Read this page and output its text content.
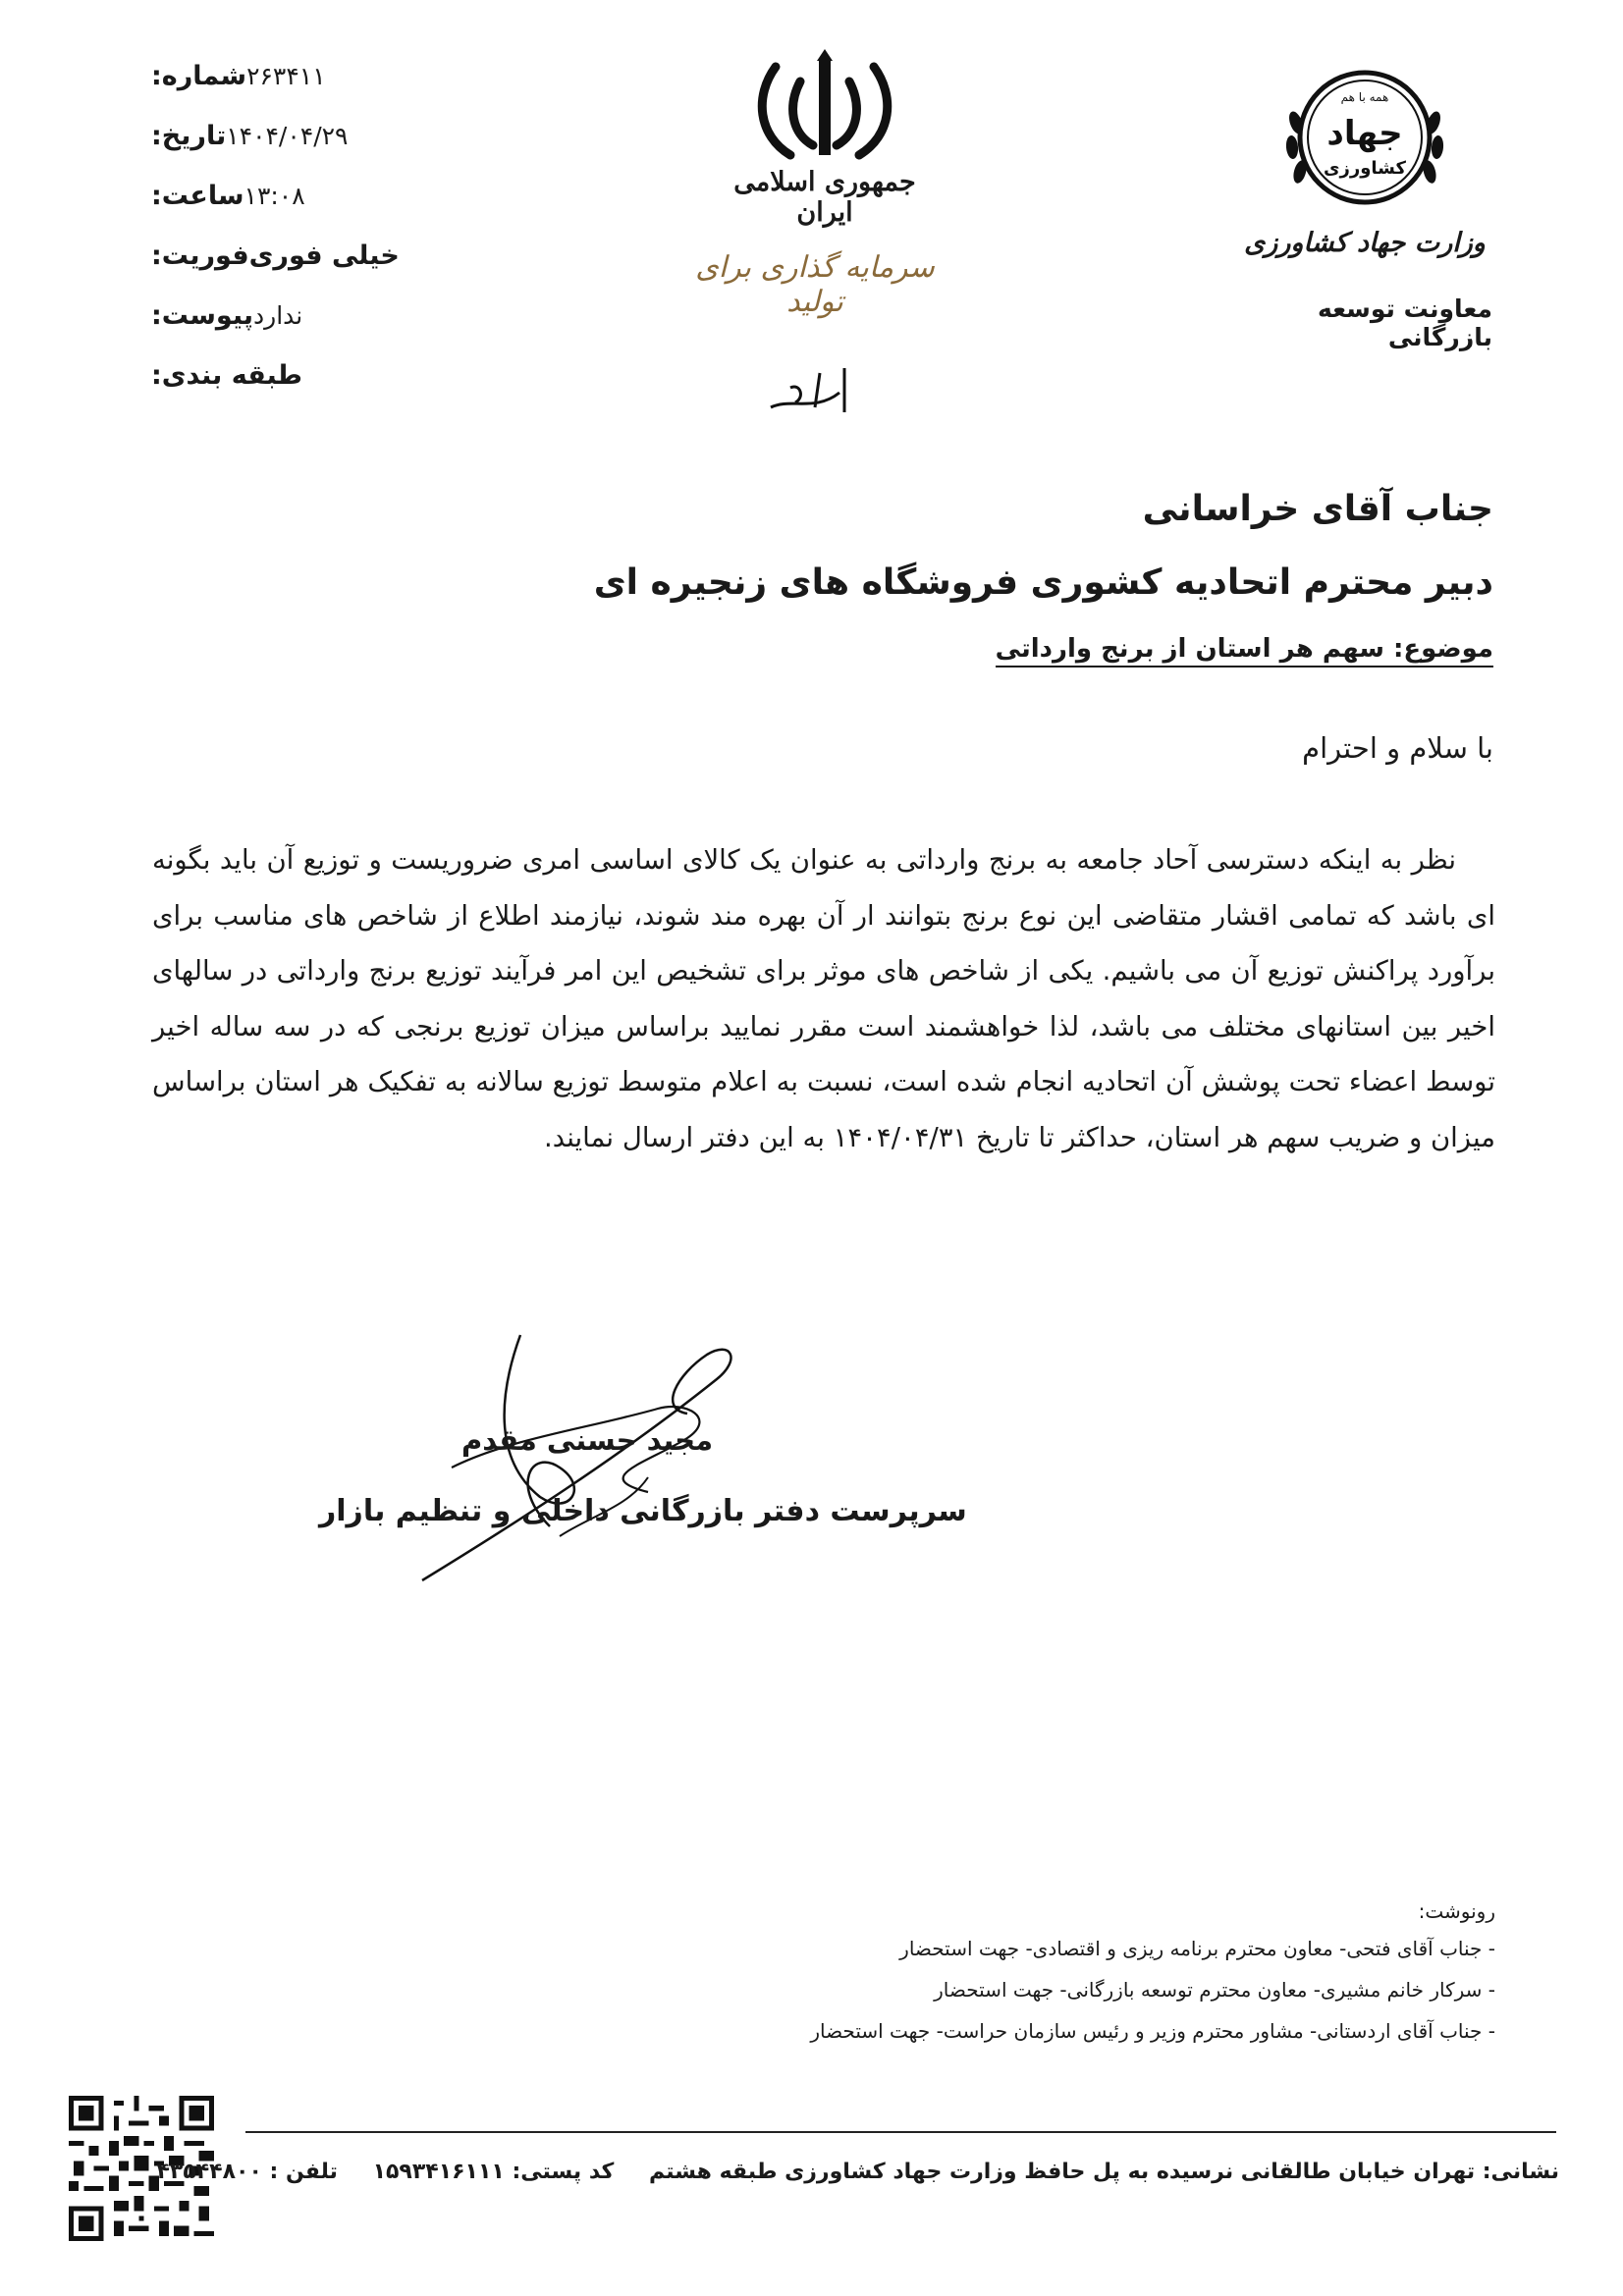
شماره: ۲۶۳۴۱۱
تاریخ: ۱۴۰۴/۰۴/۲۹
ساعت: ۱۳:۰۸
فوریت: خیلی فوری
پیوست: ندارد
طبقه بندی:
جمهوری اسلامی ایران
سرمایه گذاری برای تولید
همه با هم
جهاد
کشاورزی
وزارت جهاد کشاورزی
معاونت توسعه بازرگانی
جناب آقای خراسانی
دبیر محترم اتحادیه کشوری فروشگاه های زنجیره ای
موضوع: سهم هر استان از برنج وارداتی
با سلام و احترام

نظر به اینکه دسترسی آحاد جامعه به برنج وارداتی به عنوان یک کالای اساسی امری ضروریست و توزیع آن باید بگونه ای باشد که تمامی اقشار متقاضی این نوع برنج بتوانند ار آن بهره مند شوند، نیازمند اطلاع از شاخص های مناسب برای برآورد پراکنش توزیع آن می باشیم. یکی از شاخص های موثر برای تشخیص این امر فرآیند توزیع برنج وارداتی در سالهای اخیر بین استانهای مختلف می باشد، لذا خواهشمند است مقرر نمایید براساس میزان توزیع برنجی که در سه ساله اخیر توسط اعضاء تحت پوشش آن اتحادیه انجام شده است، نسبت به اعلام متوسط توزیع سالانه به تفکیک هر استان براساس میزان و ضریب سهم هر استان، حداکثر تا تاریخ ۱۴۰۴/۰۴/۳۱ به این دفتر ارسال نمایند.

مجید حسنی مقدم
سرپرست دفتر بازرگانی داخلی و تنظیم بازار
رونوشت:
- جناب آقای فتحی- معاون محترم برنامه ریزی و اقتصادی- جهت استحضار
- سرکار خانم مشیری- معاون محترم توسعه بازرگانی- جهت استحضار
- جناب آقای اردستانی- مشاور محترم وزیر و رئیس سازمان حراست- جهت استحضار
نشانی: تهران خیابان طالقانی نرسیده به پل حافظ وزارت جهاد کشاورزی طبقه هشتم کد پستی: ۱۵۹۳۴۱۶۱۱۱ تلفن : ۴۳۵۴۴۸۰۰
